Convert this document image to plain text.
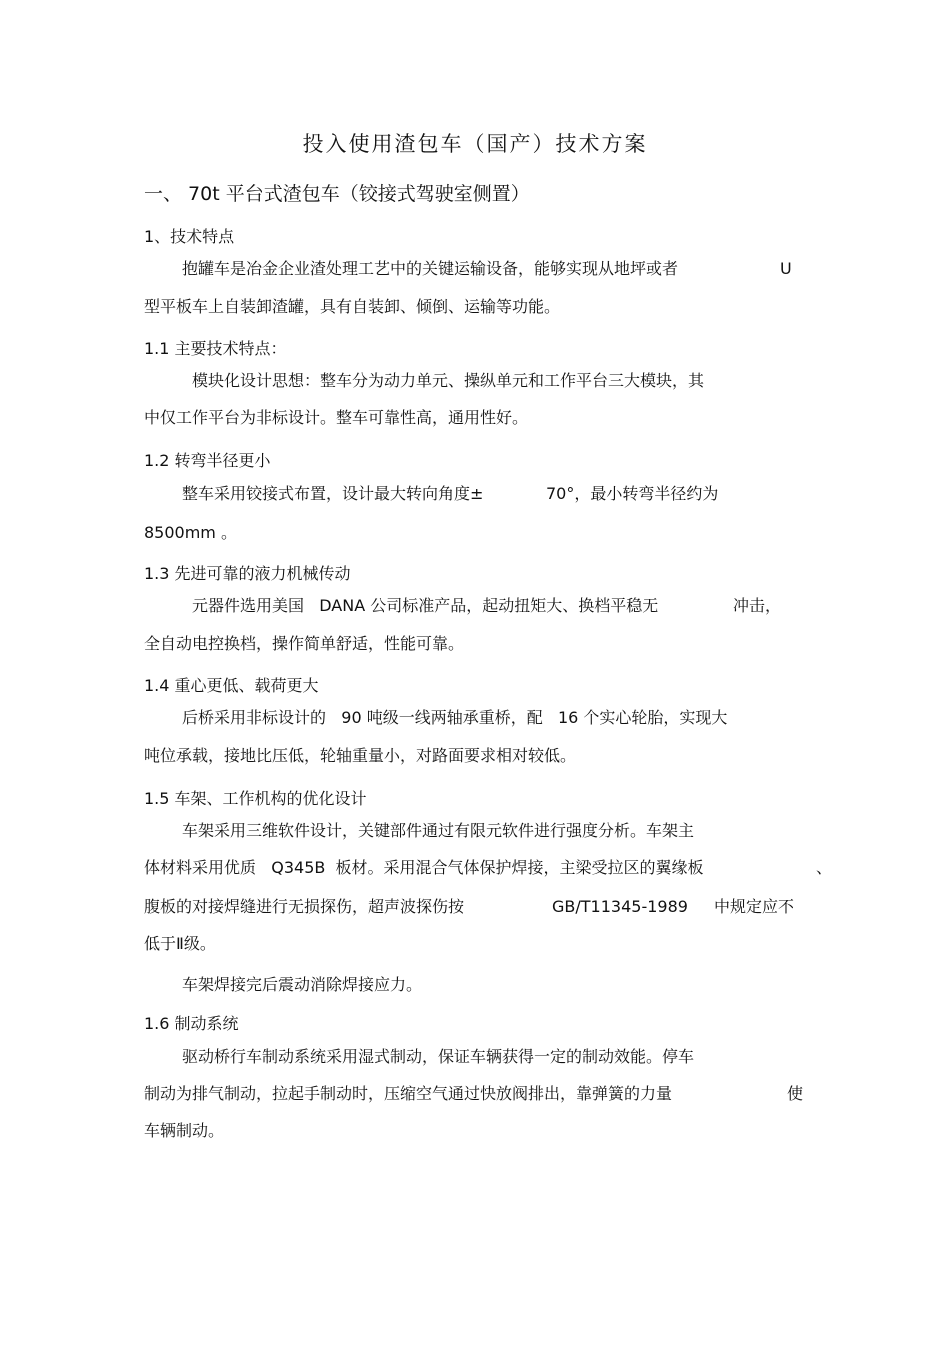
投入使用渣包车（国产）技术方案
一、 70t 平台式渣包车（铰接式驾驶室侧置）
1、技术特点
抱罐车是冶金企业渣处理工艺中的关键运输设备，能够实现从地坪或者	U
型平板车上自装卸渣罐，具有自装卸、倾倒、运输等功能。
1.1 主要技术特点：
模块化设计思想：整车分为动力单元、操纵单元和工作平台三大模块，其
中仅工作平台为非标设计。整车可靠性高，通用性好。
1.2 转弯半径更小
整车采用铰接式布置，设计最大转向角度±	70°，最小转弯半径约为
8500mm 。
1.3 先进可靠的液力机械传动
元器件选用美国   DANA 公司标准产品，起动扭矩大、换档平稳无	冲击，
全自动电控换档，操作简单舒适，性能可靠。
1.4 重心更低、载荷更大
后桥采用非标设计的   90 吨级一线两轴承重桥，配   16 个实心轮胎，实现大
吨位承载，接地比压低，轮轴重量小，对路面要求相对较低。
1.5 车架、工作机构的优化设计
车架采用三维软件设计，关键部件通过有限元软件进行强度分析。车架主
体材料采用优质   Q345B  板材。采用混合气体保护焊接，主梁受拉区的翼缘板	、
腹板的对接焊缝进行无损探伤，超声波探伤按	GB/T11345-1989 中规定应不
低于Ⅱ级。
车架焊接完后震动消除焊接应力。
1.6 制动系统
驱动桥行车制动系统采用湿式制动，保证车辆获得一定的制动效能。停车
制动为排气制动，拉起手制动时，压缩空气通过快放阀排出，靠弹簧的力量	使
车辆制动。
